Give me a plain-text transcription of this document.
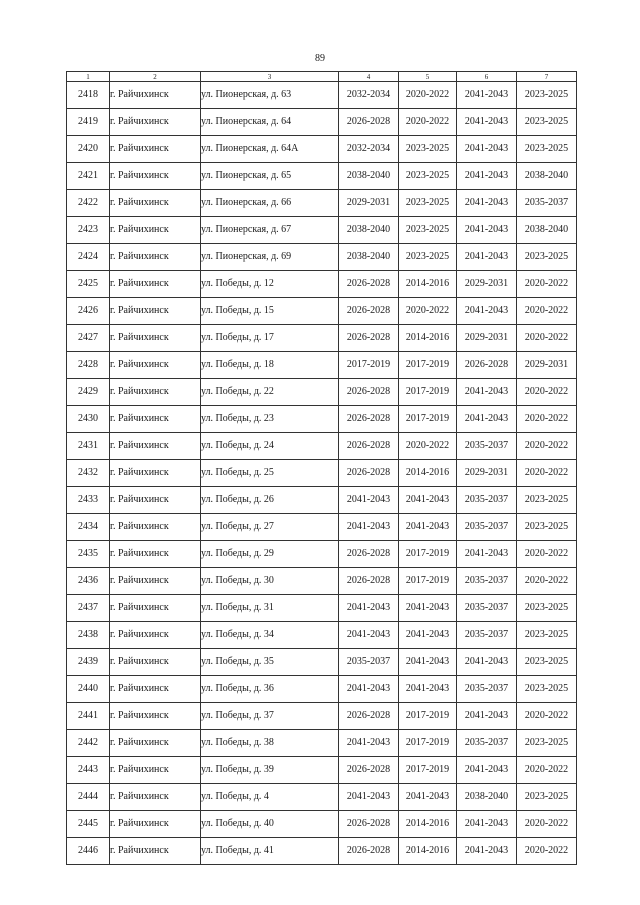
89
1	2	3	4	5	6	7
2418	г. Райчихинск	ул. Пионерская, д. 63	2032-2034	2020-2022	2041-2043	2023-2025
2419	г. Райчихинск	ул. Пионерская, д. 64	2026-2028	2020-2022	2041-2043	2023-2025
2420	г. Райчихинск	ул. Пионерская, д. 64А	2032-2034	2023-2025	2041-2043	2023-2025
2421	г. Райчихинск	ул. Пионерская, д. 65	2038-2040	2023-2025	2041-2043	2038-2040
2422	г. Райчихинск	ул. Пионерская, д. 66	2029-2031	2023-2025	2041-2043	2035-2037
2423	г. Райчихинск	ул. Пионерская, д. 67	2038-2040	2023-2025	2041-2043	2038-2040
2424	г. Райчихинск	ул. Пионерская, д. 69	2038-2040	2023-2025	2041-2043	2023-2025
2425	г. Райчихинск	ул. Победы, д. 12	2026-2028	2014-2016	2029-2031	2020-2022
2426	г. Райчихинск	ул. Победы, д. 15	2026-2028	2020-2022	2041-2043	2020-2022
2427	г. Райчихинск	ул. Победы, д. 17	2026-2028	2014-2016	2029-2031	2020-2022
2428	г. Райчихинск	ул. Победы, д. 18	2017-2019	2017-2019	2026-2028	2029-2031
2429	г. Райчихинск	ул. Победы, д. 22	2026-2028	2017-2019	2041-2043	2020-2022
2430	г. Райчихинск	ул. Победы, д. 23	2026-2028	2017-2019	2041-2043	2020-2022
2431	г. Райчихинск	ул. Победы, д. 24	2026-2028	2020-2022	2035-2037	2020-2022
2432	г. Райчихинск	ул. Победы, д. 25	2026-2028	2014-2016	2029-2031	2020-2022
2433	г. Райчихинск	ул. Победы, д. 26	2041-2043	2041-2043	2035-2037	2023-2025
2434	г. Райчихинск	ул. Победы, д. 27	2041-2043	2041-2043	2035-2037	2023-2025
2435	г. Райчихинск	ул. Победы, д. 29	2026-2028	2017-2019	2041-2043	2020-2022
2436	г. Райчихинск	ул. Победы, д. 30	2026-2028	2017-2019	2035-2037	2020-2022
2437	г. Райчихинск	ул. Победы, д. 31	2041-2043	2041-2043	2035-2037	2023-2025
2438	г. Райчихинск	ул. Победы, д. 34	2041-2043	2041-2043	2035-2037	2023-2025
2439	г. Райчихинск	ул. Победы, д. 35	2035-2037	2041-2043	2041-2043	2023-2025
2440	г. Райчихинск	ул. Победы, д. 36	2041-2043	2041-2043	2035-2037	2023-2025
2441	г. Райчихинск	ул. Победы, д. 37	2026-2028	2017-2019	2041-2043	2020-2022
2442	г. Райчихинск	ул. Победы, д. 38	2041-2043	2017-2019	2035-2037	2023-2025
2443	г. Райчихинск	ул. Победы, д. 39	2026-2028	2017-2019	2041-2043	2020-2022
2444	г. Райчихинск	ул. Победы, д. 4	2041-2043	2041-2043	2038-2040	2023-2025
2445	г. Райчихинск	ул. Победы, д. 40	2026-2028	2014-2016	2041-2043	2020-2022
2446	г. Райчихинск	ул. Победы, д. 41	2026-2028	2014-2016	2041-2043	2020-2022
